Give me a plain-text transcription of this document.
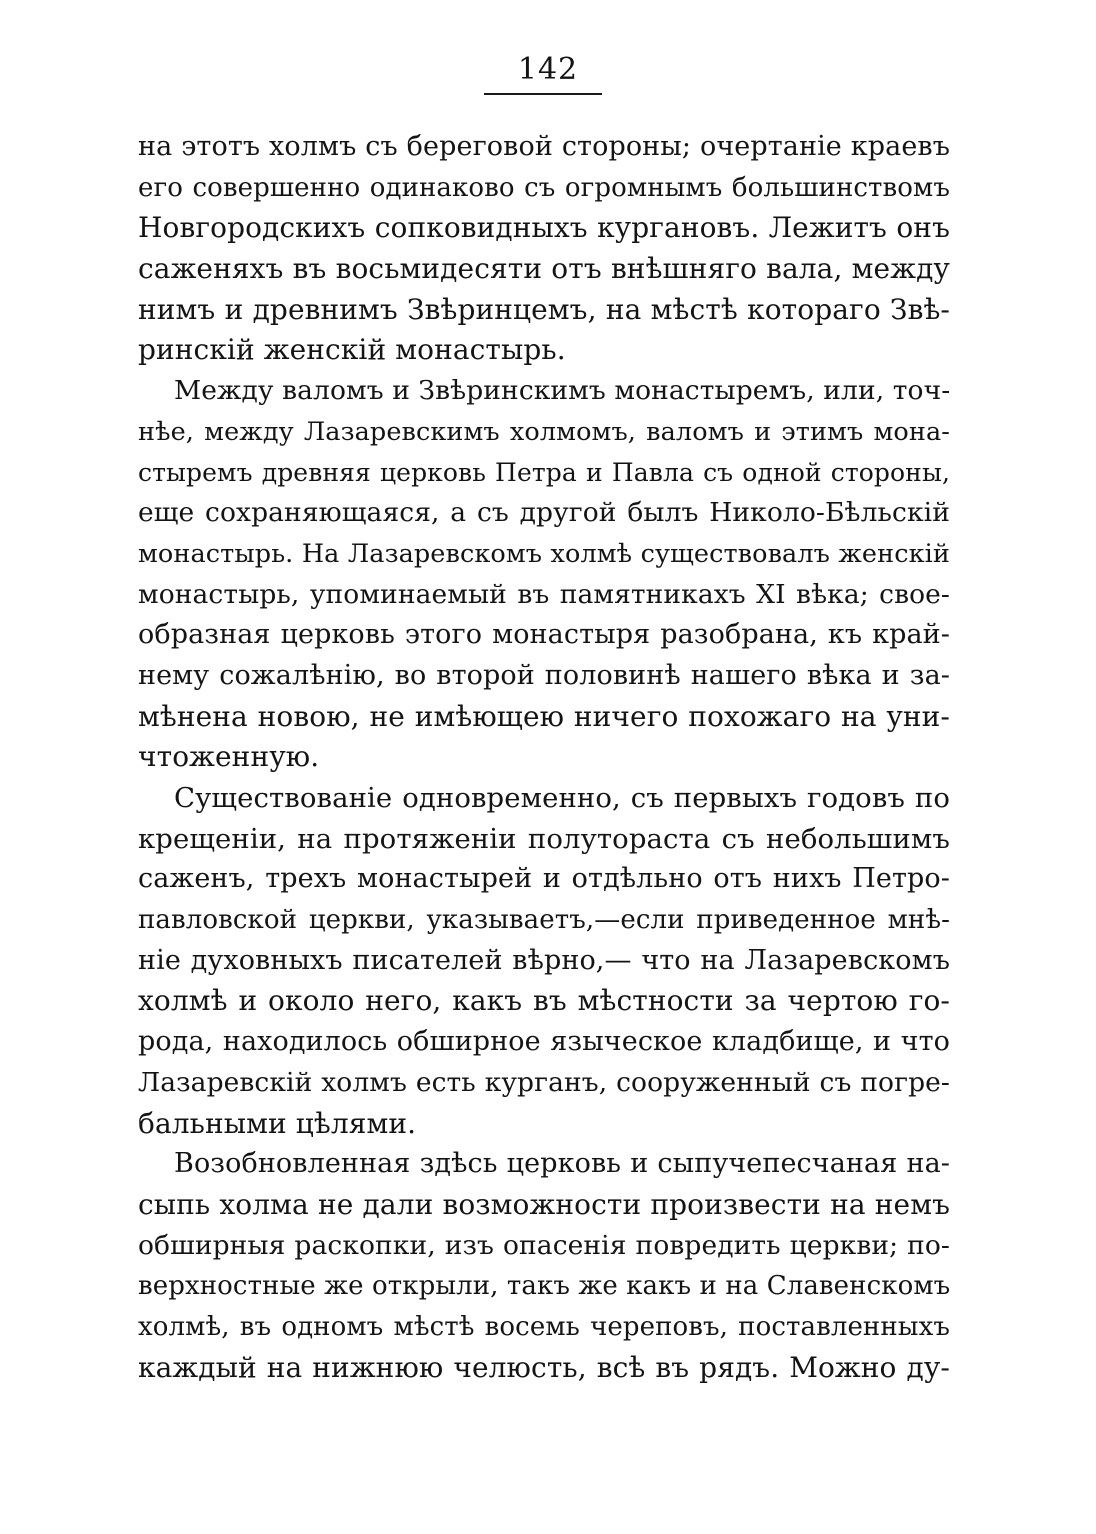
142
на этотъ холмъ съ береговой стороны; очертанiе краевъ
его совершенно одинаково съ огромнымъ большинствомъ
Новгородскихъ сопковидныхъ кургановъ. Лежитъ онъ
саженяхъ въ восьмидесяти отъ внѣшняго вала, между
нимъ и древнимъ Звѣринцемъ, на мѣстѣ котораго Звѣ-
ринскiй женскiй монастырь.
Между валомъ и Звѣринскимъ монастыремъ, или, точ-
нѣе, между Лазаревскимъ холмомъ, валомъ и этимъ мона-
стыремъ древняя церковь Петра и Павла съ одной стороны,
еще сохраняющаяся, а съ другой былъ Николо-Бѣльскiй
монастырь. На Лазаревскомъ холмѣ существовалъ женскiй
монастырь, упоминаемый въ памятникахъ XI вѣка; свое-
образная церковь этого монастыря разобрана, къ край-
нему сожалѣнiю, во второй половинѣ нашего вѣка и за-
мѣнена новою, не имѣющею ничего похожаго на уни-
чтоженную.
Существованiе одновременно, съ первыхъ годовъ по
крещенiи, на протяженiи полутораста съ небольшимъ
саженъ, трехъ монастырей и отдѣльно отъ нихъ Петро-
павловской церкви, указываетъ,—если приведенное мнѣ-
нiе духовныхъ писателей вѣрно,— что на Лазаревскомъ
холмѣ и около него, какъ въ мѣстности за чертою го-
рода, находилось обширное языческое кладбище, и что
Лазаревскiй холмъ есть курганъ, сооруженный съ погре-
бальными цѣлями.
Возобновленная здѣсь церковь и сыпучепесчаная на-
сыпь холма не дали возможности произвести на немъ
обширныя раскопки, изъ опасенiя повредить церкви; по-
верхностные же открыли, такъ же какъ и на Славенскомъ
холмѣ, въ одномъ мѣстѣ восемь череповъ, поставленныхъ
каждый на нижнюю челюсть, всѣ въ рядъ. Можно ду-
